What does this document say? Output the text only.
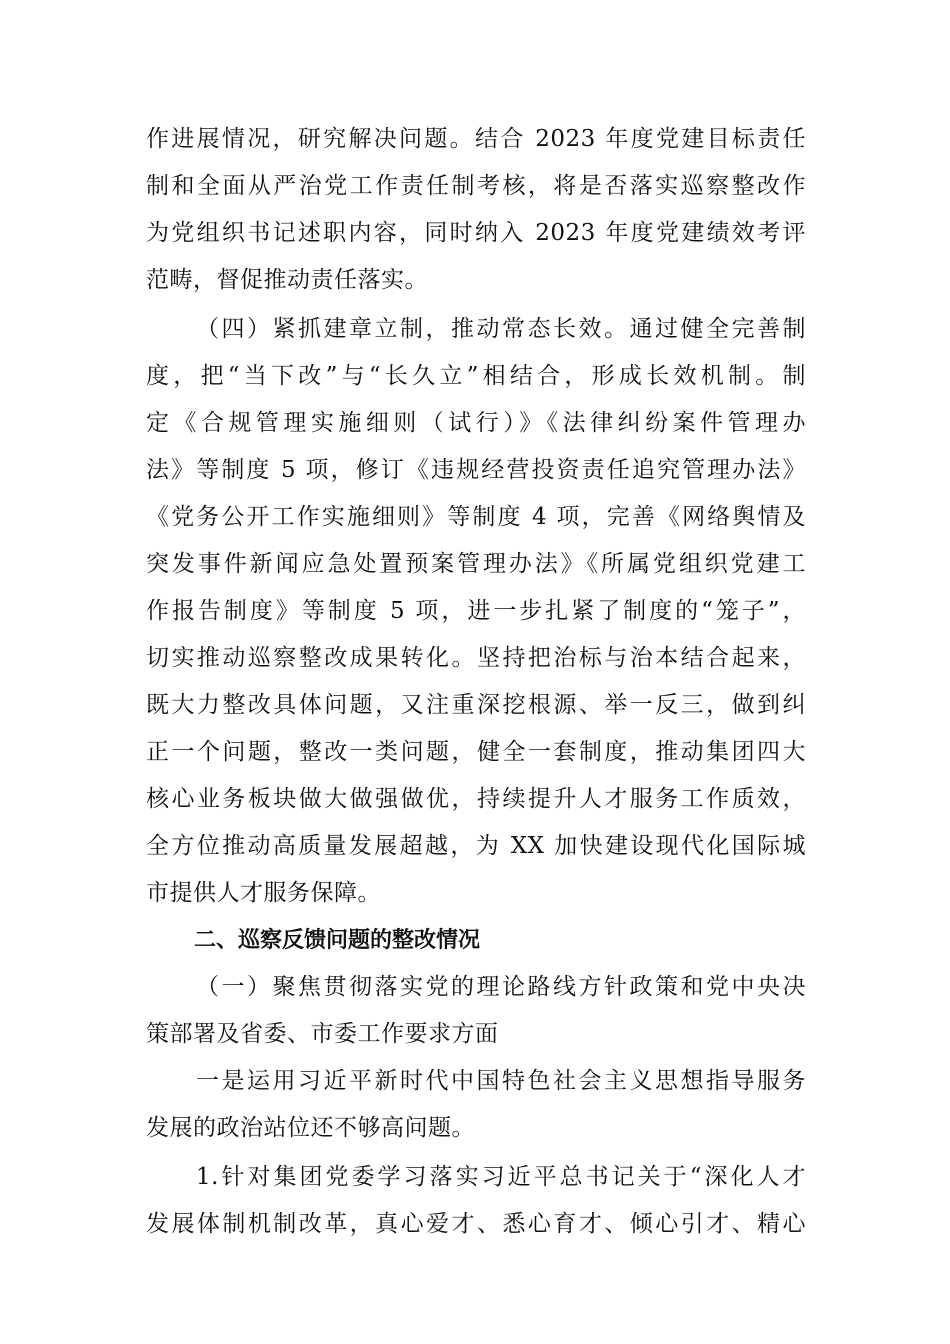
作进展情况，研究解决问题。结合 2023 年度党建目标责任
制和全面从严治党工作责任制考核，将是否落实巡察整改作
为党组织书记述职内容，同时纳入 2023 年度党建绩效考评
范畴，督促推动责任落实。
（四）紧抓建章立制，推动常态长效。通过健全完善制
度，把“当下改”与“长久立”相结合，形成长效机制。制
定《合规管理实施细则（试行）》《法律纠纷案件管理办
法》等制度 5 项，修订《违规经营投资责任追究管理办法》
《党务公开工作实施细则》等制度 4 项，完善《网络舆情及
突发事件新闻应急处置预案管理办法》《所属党组织党建工
作报告制度》等制度 5 项，进一步扎紧了制度的“笼子”，
切实推动巡察整改成果转化。坚持把治标与治本结合起来，
既大力整改具体问题，又注重深挖根源、举一反三，做到纠
正一个问题，整改一类问题，健全一套制度，推动集团四大
核心业务板块做大做强做优，持续提升人才服务工作质效，
全方位推动高质量发展超越，为 XX 加快建设现代化国际城
市提供人才服务保障。
二、巡察反馈问题的整改情况
（一）聚焦贯彻落实党的理论路线方针政策和党中央决
策部署及省委、市委工作要求方面
一是运用习近平新时代中国特色社会主义思想指导服务
发展的政治站位还不够高问题。
1.针对集团党委学习落实习近平总书记关于“深化人才
发展体制机制改革，真心爱才、悉心育才、倾心引才、精心
